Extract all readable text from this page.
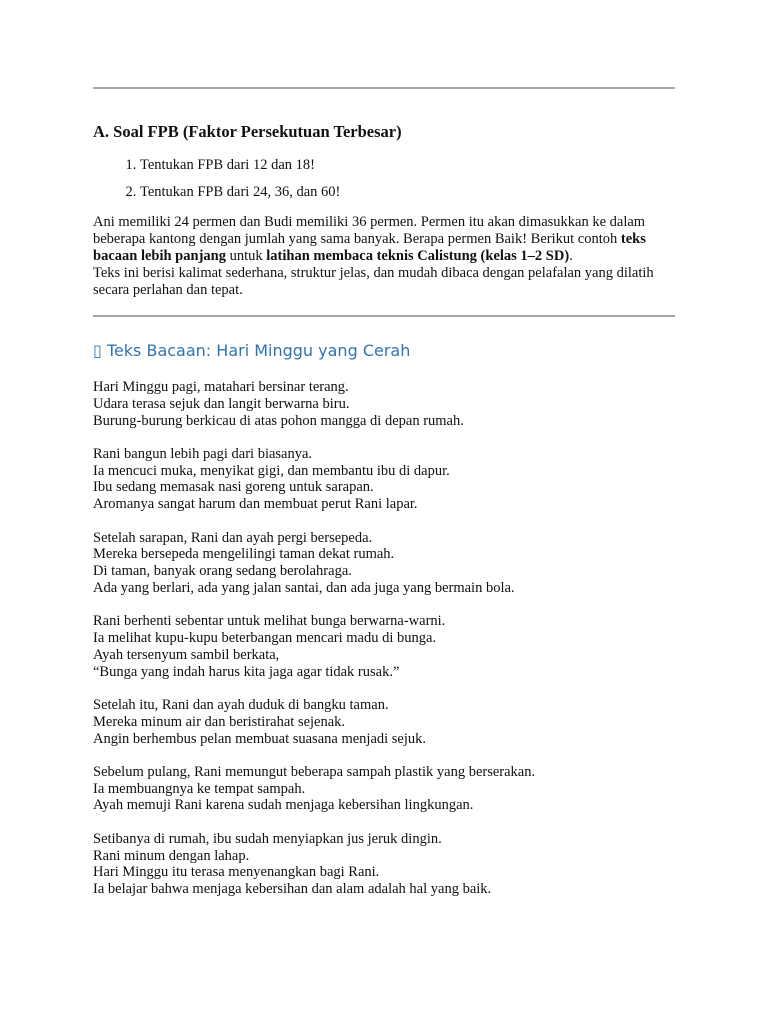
A. Soal FPB (Faktor Persekutuan Terbesar)
1. Tentukan FPB dari 12 dan 18!
2. Tentukan FPB dari 24, 36, dan 60!

Ani memiliki 24 permen dan Budi memiliki 36 permen. Permen itu akan dimasukkan ke dalam beberapa kantong dengan jumlah yang sama banyak. Berapa permen Baik! Berikut contoh teks bacaan lebih panjang untuk latihan membaca teknis Calistung (kelas 1–2 SD).

Teks ini berisi kalimat sederhana, struktur jelas, dan mudah dibaca dengan pelafalan yang dilatih secara perlahan dan tepat.

▯ Teks Bacaan: Hari Minggu yang Cerah

Hari Minggu pagi, matahari bersinar terang.
Udara terasa sejuk dan langit berwarna biru.
Burung-burung berkicau di atas pohon mangga di depan rumah.

Rani bangun lebih pagi dari biasanya.
Ia mencuci muka, menyikat gigi, dan membantu ibu di dapur.
Ibu sedang memasak nasi goreng untuk sarapan.
Aromanya sangat harum dan membuat perut Rani lapar.

Setelah sarapan, Rani dan ayah pergi bersepeda.
Mereka bersepeda mengelilingi taman dekat rumah.
Di taman, banyak orang sedang berolahraga.
Ada yang berlari, ada yang jalan santai, dan ada juga yang bermain bola.

Rani berhenti sebentar untuk melihat bunga berwarna-warni.
Ia melihat kupu-kupu beterbangan mencari madu di bunga.
Ayah tersenyum sambil berkata,
“Bunga yang indah harus kita jaga agar tidak rusak.”

Setelah itu, Rani dan ayah duduk di bangku taman.
Mereka minum air dan beristirahat sejenak.
Angin berhembus pelan membuat suasana menjadi sejuk.

Sebelum pulang, Rani memungut beberapa sampah plastik yang berserakan.
Ia membuangnya ke tempat sampah.
Ayah memuji Rani karena sudah menjaga kebersihan lingkungan.

Setibanya di rumah, ibu sudah menyiapkan jus jeruk dingin.
Rani minum dengan lahap.
Hari Minggu itu terasa menyenangkan bagi Rani.
Ia belajar bahwa menjaga kebersihan dan alam adalah hal yang baik.
